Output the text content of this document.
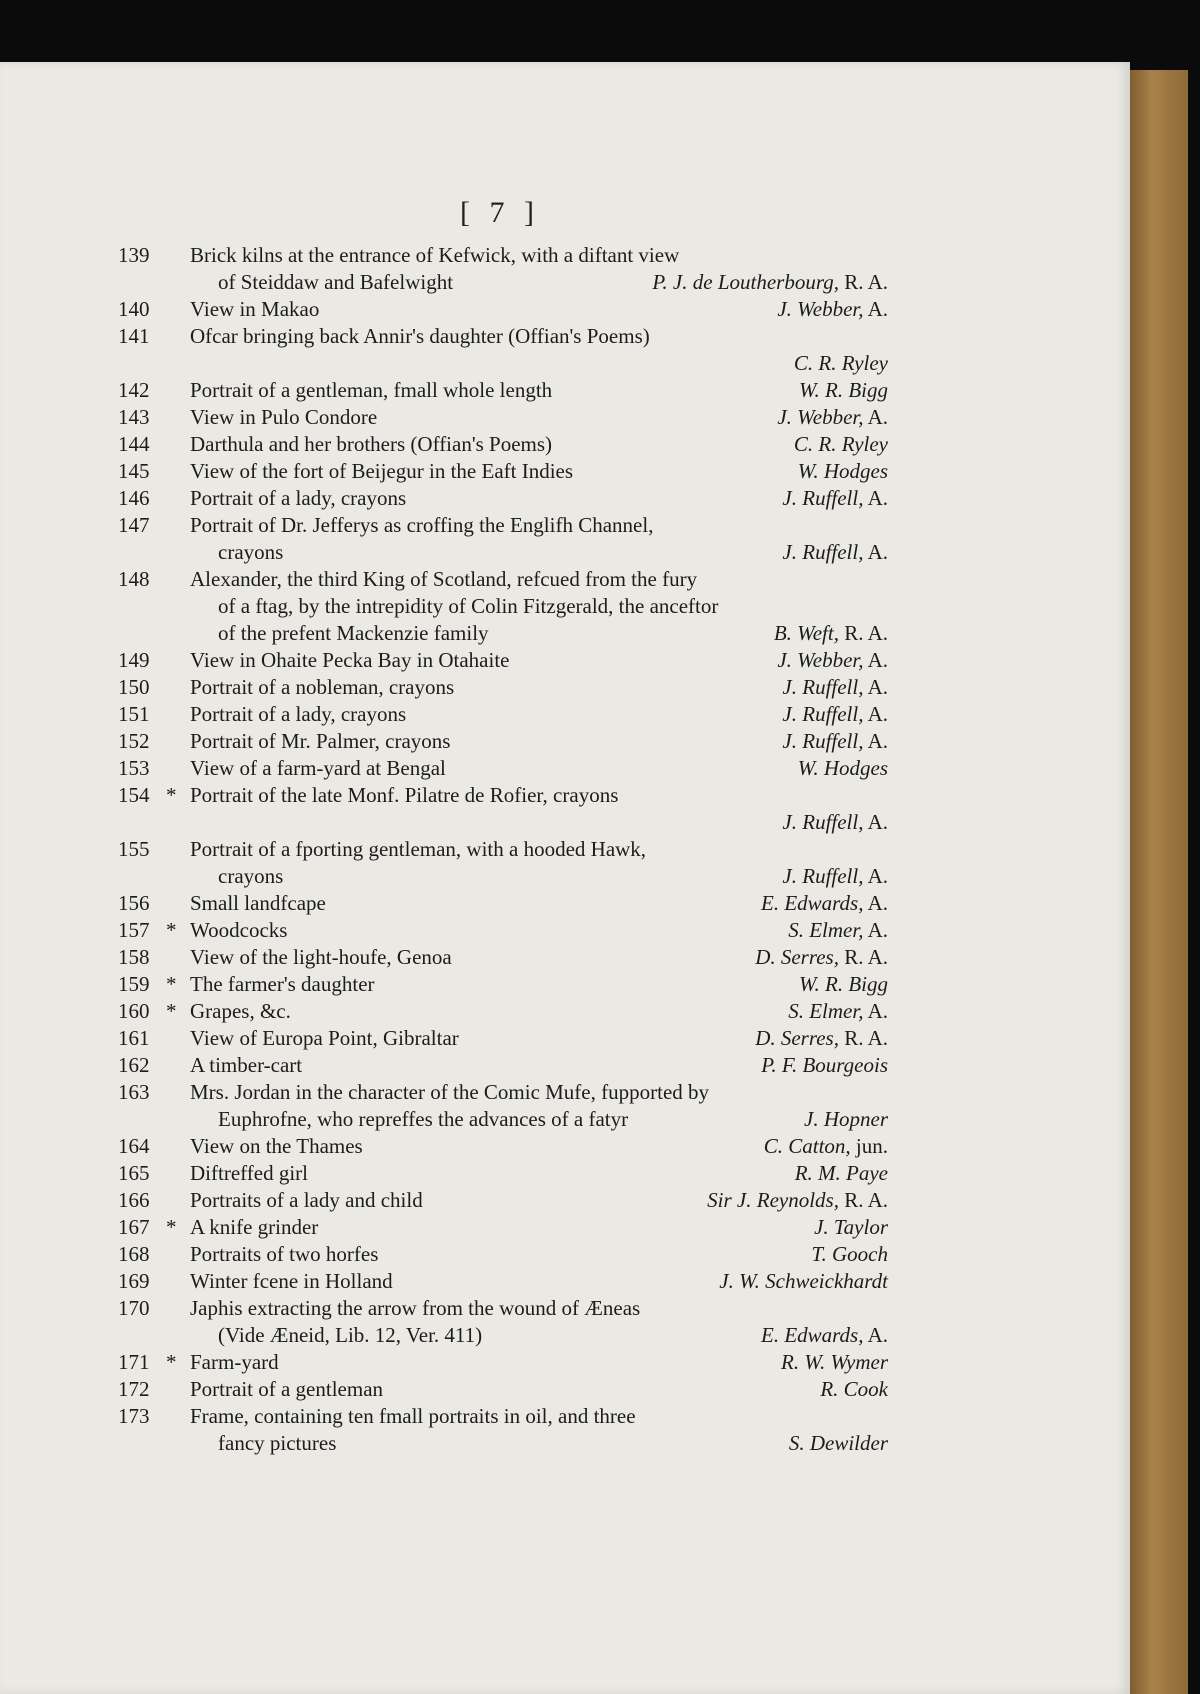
[ 7 ]
139	Brick kilns at the entrance of Kefwick, with a diftant view
of Steiddaw and Bafelwight	P. J. de Loutherbourg, R. A.
140	View in Makao	J. Webber, A.
141	Ofcar bringing back Annir's daughter (Offian's Poems)
C. R. Ryley
142	Portrait of a gentleman, fmall whole length	W. R. Bigg
143	View in Pulo Condore	J. Webber, A.
144	Darthula and her brothers (Offian's Poems)	C. R. Ryley
145	View of the fort of Beijegur in the Eaft Indies	W. Hodges
146	Portrait of a lady, crayons	J. Ruffell, A.
147	Portrait of Dr. Jefferys as croffing the Englifh Channel,
crayons	J. Ruffell, A.
148	Alexander, the third King of Scotland, refcued from the fury
of a ftag, by the intrepidity of Colin Fitzgerald, the anceftor
of the prefent Mackenzie family	B. Weft, R. A.
149	View in Ohaite Pecka Bay in Otahaite	J. Webber, A.
150	Portrait of a nobleman, crayons	J. Ruffell, A.
151	Portrait of a lady, crayons	J. Ruffell, A.
152	Portrait of Mr. Palmer, crayons	J. Ruffell, A.
153	View of a farm-yard at Bengal	W. Hodges
154 * Portrait of the late Monf. Pilatre de Rofier, crayons
J. Ruffell, A.
155	Portrait of a fporting gentleman, with a hooded Hawk,
crayons	J. Ruffell, A.
156	Small landfcape	E. Edwards, A.
157 * Woodcocks	S. Elmer, A.
158	View of the light-houfe, Genoa	D. Serres, R. A.
159 * The farmer's daughter	W. R. Bigg
160 * Grapes, &c.	S. Elmer, A.
161	View of Europa Point, Gibraltar	D. Serres, R. A.
162	A timber-cart	P. F. Bourgeois
163	Mrs. Jordan in the character of the Comic Mufe, fupported by
Euphrofne, who repreffes the advances of a fatyr	J. Hopner
164	View on the Thames	C. Catton, jun.
165	Diftreffed girl	R. M. Paye
166	Portraits of a lady and child	Sir J. Reynolds, R. A.
167 * A knife grinder	J. Taylor
168	Portraits of two horfes	T. Gooch
169	Winter fcene in Holland	J. W. Schweickhardt
170	Japhis extracting the arrow from the wound of Æneas
(Vide Æneid, Lib. 12, Ver. 411)	E. Edwards, A.
171 * Farm-yard	R. W. Wymer
172	Portrait of a gentleman	R. Cook
173	Frame, containing ten fmall portraits in oil, and three
fancy pictures	S. Dewilder
